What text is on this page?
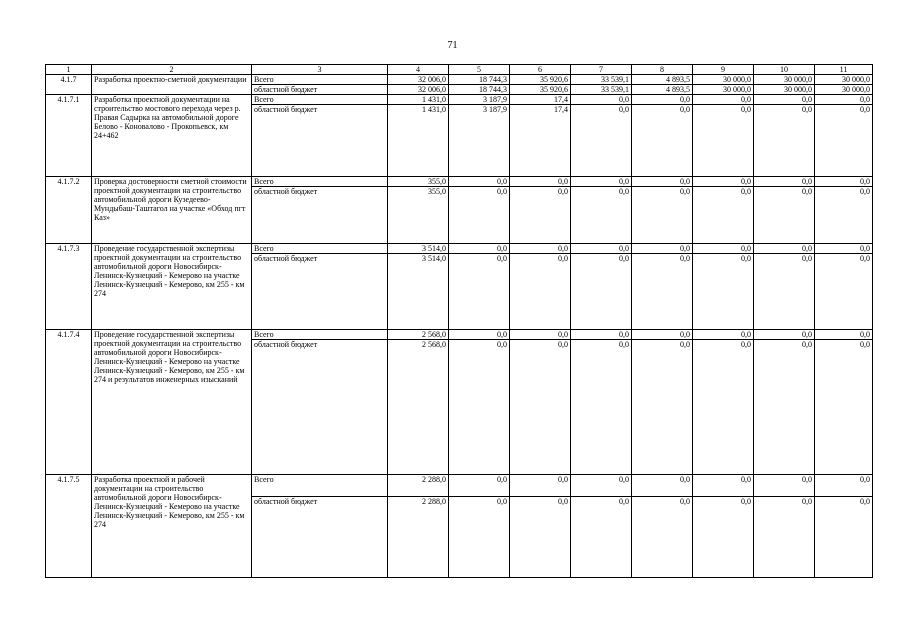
71
1	2	3	4	5	6	7	8	9	10	11
4.1.7	Разработка проектно-сметной документации	Всего	32 006,0	18 744,3	35 920,6	33 539,1	4 893,5	30 000,0	30 000,0	30 000,0
		областной бюджет	32 006,0	18 744,3	35 920,6	33 539,1	4 893,5	30 000,0	30 000,0	30 000,0
4.1.7.1	Разработка проектной документации на строительство мостового перехода через р. Правая Садырка на автомобильной дороге Белово - Коновалово - Прокопьевск, км 24+462	Всего	1 431,0	3 187,9	17,4	0,0	0,0	0,0	0,0	0,0
		областной бюджет	1 431,0	3 187,9	17,4	0,0	0,0	0,0	0,0	0,0
4.1.7.2	Проверка достоверности сметной стоимости проектной документации на строительство автомобильной дороги Кузедеево-Мундыбаш-Таштагол на участке «Обход пгт Каз»	Всего	355,0	0,0	0,0	0,0	0,0	0,0	0,0	0,0
		областной бюджет	355,0	0,0	0,0	0,0	0,0	0,0	0,0	0,0
4.1.7.3	Проведение государственной экспертизы проектной документации на строительство автомобильной дороги Новосибирск- Ленинск-Кузнецкий - Кемерово на участке Ленинск-Кузнецкий - Кемерово, км 255 - км 274	Всего	3 514,0	0,0	0,0	0,0	0,0	0,0	0,0	0,0
		областной бюджет	3 514,0	0,0	0,0	0,0	0,0	0,0	0,0	0,0
4.1.7.4	Проведение государственной экспертизы проектной документации на строительство автомобильной дороги Новосибирск- Ленинск-Кузнецкий - Кемерово на участке Ленинск-Кузнецкий - Кемерово, км 255 - км 274 и результатов инженерных изысканий	Всего	2 568,0	0,0	0,0	0,0	0,0	0,0	0,0	0,0
		областной бюджет	2 568,0	0,0	0,0	0,0	0,0	0,0	0,0	0,0
4.1.7.5	Разработка проектной и рабочей документации на строительство автомобильной дороги Новосибирск- Ленинск-Кузнецкий - Кемерово на участке Ленинск-Кузнецкий - Кемерово, км 255 - км 274	Всего	2 288,0	0,0	0,0	0,0	0,0	0,0	0,0	0,0
		областной бюджет	2 288,0	0,0	0,0	0,0	0,0	0,0	0,0	0,0
